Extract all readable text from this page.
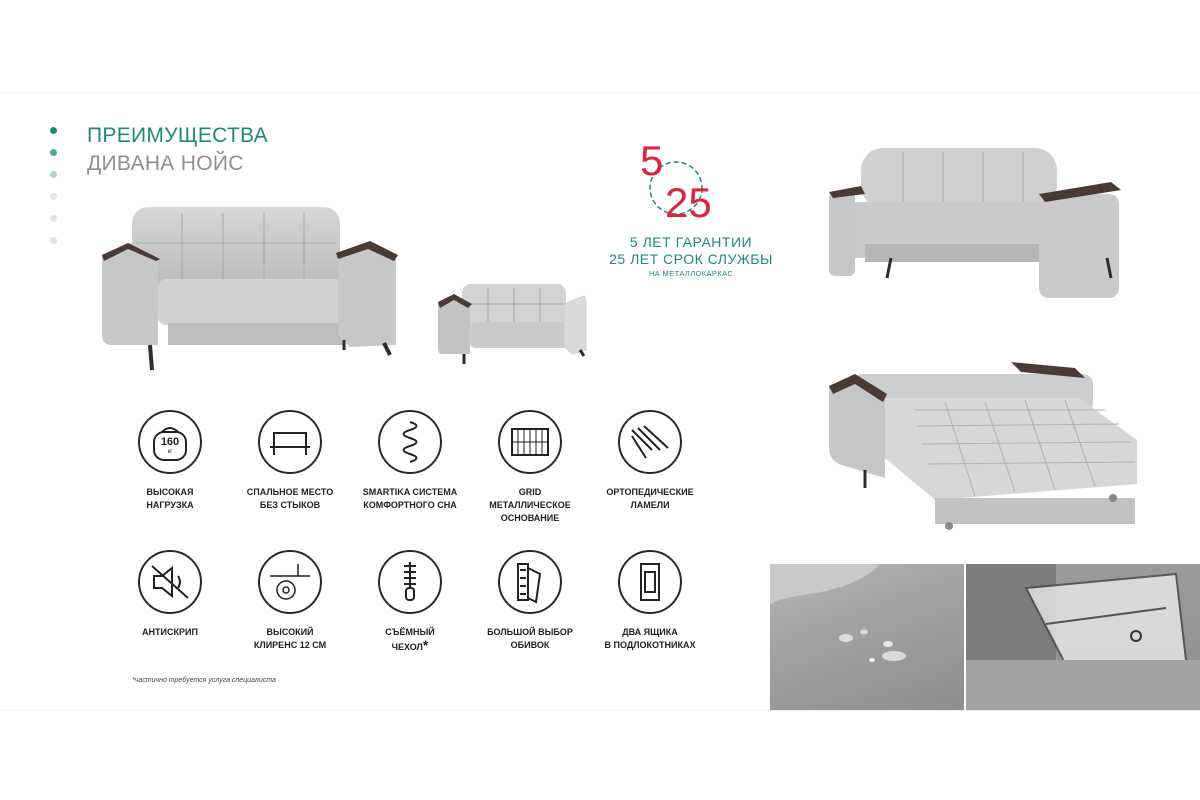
ПРЕИМУЩЕСТВА
ДИВАНА НОЙС	5
25
5 ЛЕТ ГАРАНТИИ
25 ЛЕТ СРОК СЛУЖБЫ
НА МЕТАЛЛОКАРКАС
160
кг
ВЫСОКАЯ
НАГРУЗКА
СПАЛЬНОЕ МЕСТО
БЕЗ СТЫКОВ
SMARTIKA СИСТЕМА
КОМФОРТНОГО СНА
GRID
МЕТАЛЛИЧЕСКОЕ
ОСНОВАНИЕ
ОРТОПЕДИЧЕСКИЕ
ЛАМЕЛИ
АНТИСКРИП	ВЫСОКИЙ
КЛИРЕНС 12 СМ
СЪЁМНЫЙ
ЧЕХОЛ*
БОЛЬШОЙ ВЫБОР
ОБИВОК
ДВА ЯЩИКА
В ПОДЛОКОТНИКАХ
*частично требуется услуга специалиста
